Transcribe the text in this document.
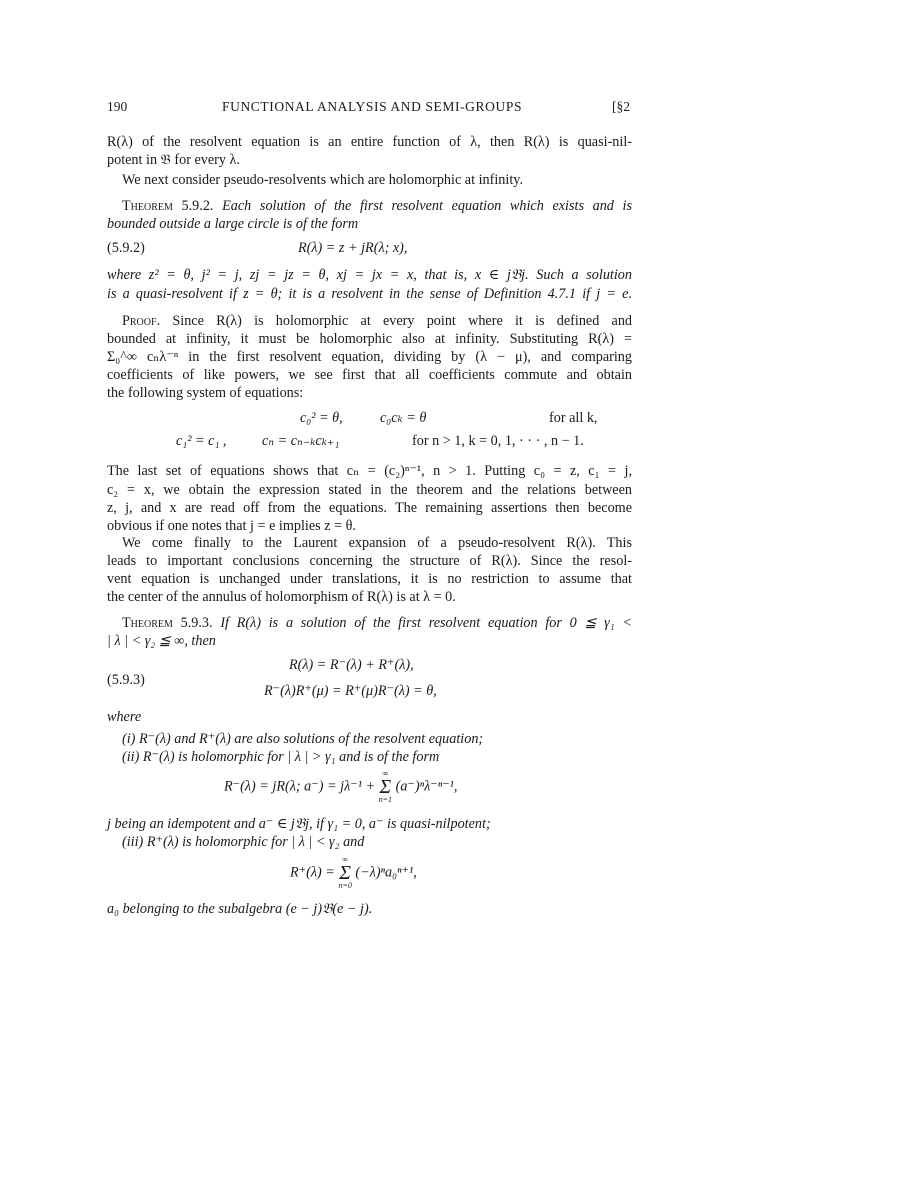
190	FUNCTIONAL ANALYSIS AND SEMI-GROUPS	[§2
R(λ) of the resolvent equation is an entire function of λ, then R(λ) is quasi-nil-
potent in 𝔅 for every λ.
We next consider pseudo-resolvents which are holomorphic at infinity.
Theorem 5.9.2. Each solution of the first resolvent equation which exists and is
bounded outside a large circle is of the form
(5.9.2)	R(λ) = z + jR(λ; x),
where z² = θ, j² = j, zj = jz = θ, xj = jx = x, that is, x ∈ j𝔅j. Such a solution
is a quasi-resolvent if z = θ; it is a resolvent in the sense of Definition 4.7.1 if j = e.
Proof. Since R(λ) is holomorphic at every point where it is defined and
bounded at infinity, it must be holomorphic also at infinity. Substituting R(λ) =
Σ₀^∞ cₙλ⁻ⁿ in the first resolvent equation, dividing by (λ − μ), and comparing
coefficients of like powers, we see first that all coefficients commute and obtain
the following system of equations:
c₀² = θ,	c₀cₖ = θ	for all k,
c₁² = c₁ ,	cₙ = cₙ₋ₖcₖ₊₁	for n > 1, k = 0, 1, · · · , n − 1.
The last set of equations shows that cₙ = (c₂)ⁿ⁻¹, n > 1. Putting c₀ = z, c₁ = j,
c₂ = x, we obtain the expression stated in the theorem and the relations between
z, j, and x are read off from the equations. The remaining assertions then become
obvious if one notes that j = e implies z = θ.
We come finally to the Laurent expansion of a pseudo-resolvent R(λ). This
leads to important conclusions concerning the structure of R(λ). Since the resol-
vent equation is unchanged under translations, it is no restriction to assume that
the center of the annulus of holomorphism of R(λ) is at λ = 0.
Theorem 5.9.3. If R(λ) is a solution of the first resolvent equation for 0 ≦ γ₁ <
| λ | < γ₂ ≦ ∞, then
(5.9.3)
R(λ) = R⁻(λ) + R⁺(λ),
R⁻(λ)R⁺(μ) = R⁺(μ)R⁻(λ) = θ,
where
(i) R⁻(λ) and R⁺(λ) are also solutions of the resolvent equation;
(ii) R⁻(λ) is holomorphic for | λ | > γ₁ and is of the form
R⁻(λ) = jR(λ; a⁻) = jλ⁻¹ +
∞
Σ
n=1
(a⁻)ⁿλ⁻ⁿ⁻¹,
j being an idempotent and a⁻ ∈ j𝔅j, if γ₁ = 0, a⁻ is quasi-nilpotent;
(iii) R⁺(λ) is holomorphic for | λ | < γ₂ and
R⁺(λ) =
∞
Σ
n=0
(−λ)ⁿa₀ⁿ⁺¹,
a₀ belonging to the subalgebra (e − j)𝔅(e − j).
